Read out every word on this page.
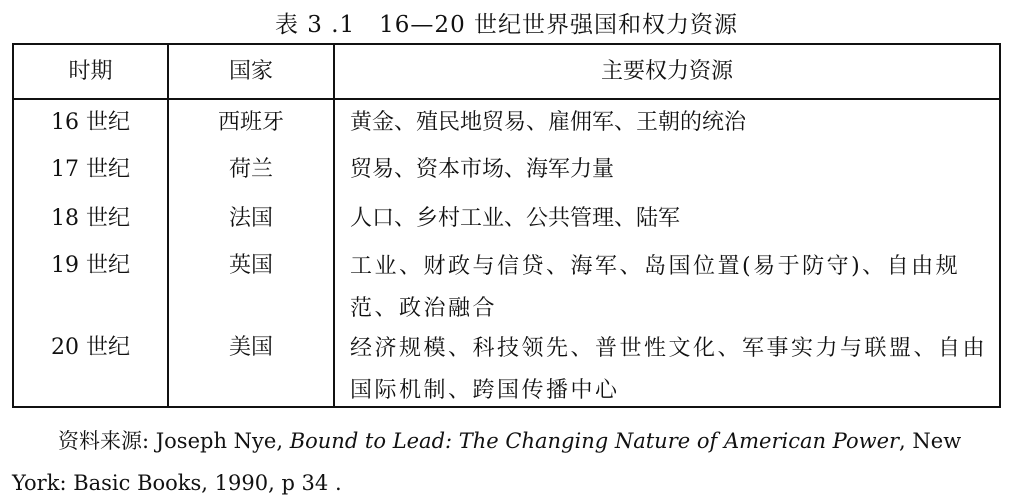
表 3 .1　16—20 世纪世界强国和权力资源
时期	国家	主要权力资源
16 世纪	西班牙	黄金、殖民地贸易、雇佣军、王朝的统治
17 世纪	荷兰	贸易、资本市场、海军力量
18 世纪	法国	人口、乡村工业、公共管理、陆军
19 世纪	英国	工业、财政与信贷、海军、岛国位置(易于防守)、自由规范、政治融合
20 世纪	美国	经济规模、科技领先、普世性文化、军事实力与联盟、自由国际机制、跨国传播中心
资料来源: Joseph Nye, Bound to Lead: The Changing Nature of American Power, New York: Basic Books, 1990, p 34 .
